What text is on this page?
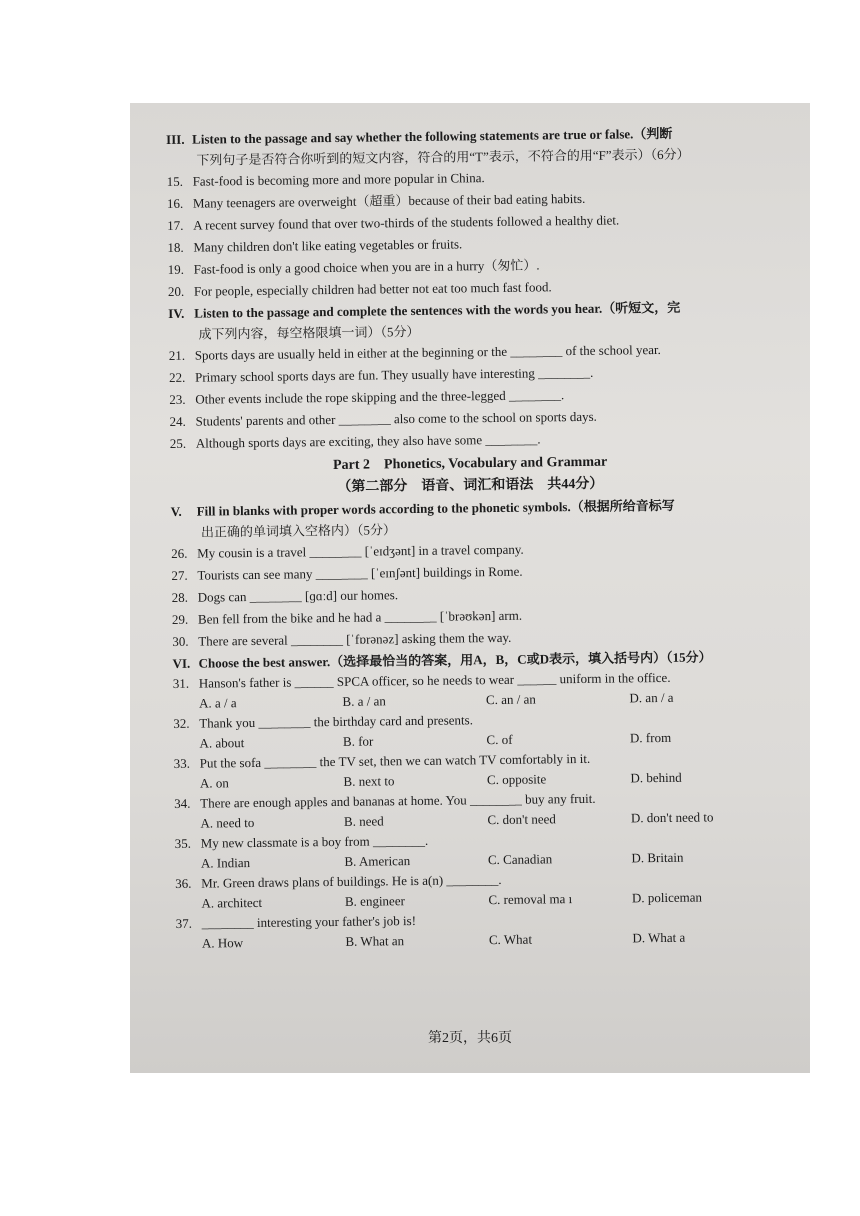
III. Listen to the passage and say whether the following statements are true or false.（判断

下列句子是否符合你听到的短文内容，符合的用“T”表示，不符合的用“F”表示）（6分）

15. Fast-food is becoming more and more popular in China.
16. Many teenagers are overweight（超重）because of their bad eating habits.
17. A recent survey found that over two-thirds of the students followed a healthy diet.
18. Many children don't like eating vegetables or fruits.
19. Fast-food is only a good choice when you are in a hurry（匆忙）.
20. For people, especially children had better not eat too much fast food.

IV. Listen to the passage and complete the sentences with the words you hear.（听短文，完

成下列内容，每空格限填一词）（5分）

21. Sports days are usually held in either at the beginning or the ________ of the school year.
22. Primary school sports days are fun. They usually have interesting ________.
23. Other events include the rope skipping and the three-legged ________.
24. Students' parents and other ________ also come to the school on sports days.
25. Although sports days are exciting, they also have some ________.

Part 2　Phonetics, Vocabulary and Grammar

（第二部分　语音、词汇和语法　共44分）

V. Fill in blanks with proper words according to the phonetic symbols.（根据所给音标写

出正确的单词填入空格内）（5分）

26. My cousin is a travel ________ [ˈeɪdʒənt] in a travel company.
27. Tourists can see many ________ [ˈeɪnʃənt] buildings in Rome.
28. Dogs can ________ [ɡɑːd] our homes.
29. Ben fell from the bike and he had a ________ [ˈbrəʊkən] arm.
30. There are several ________ [ˈfɒrənəz] asking them the way.

VI. Choose the best answer.（选择最恰当的答案，用A，B，C或D表示，填入括号内）（15分）

31. Hanson's father is ______ SPCA officer, so he needs to wear ______ uniform in the office.
A. a / a	B. a / an	C. an / an	D. an / a
32. Thank you ________ the birthday card and presents.
A. about	B. for	C. of	D. from
33. Put the sofa ________ the TV set, then we can watch TV comfortably in it.
A. on	B. next to	C. opposite	D. behind
34. There are enough apples and bananas at home. You ________ buy any fruit.
A. need to	B. need	C. don't need	D. don't need to
35. My new classmate is a boy from ________.
A. Indian	B. American	C. Canadian	D. Britain
36. Mr. Green draws plans of buildings. He is a(n) ________.
A. architect	B. engineer	C. removal ma ı	D. policeman
37. ________ interesting your father's job is!
A. How	B. What an	C. What	D. What a
第2页，共6页
